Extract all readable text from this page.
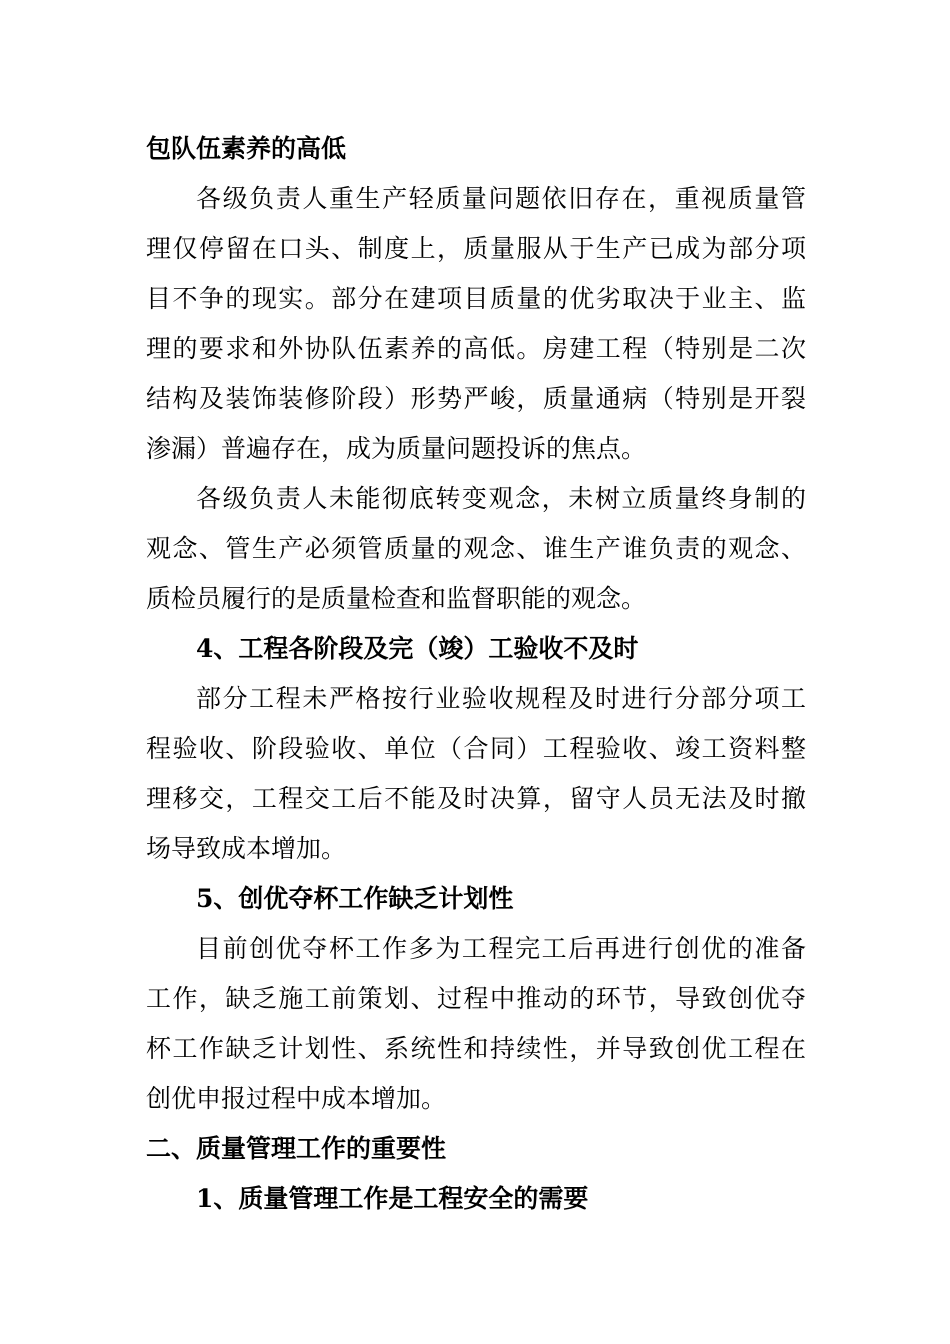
包队伍素养的高低
各级负责人重生产轻质量问题依旧存在，重视质量管
理仅停留在口头、制度上，质量服从于生产已成为部分项
目不争的现实。部分在建项目质量的优劣取决于业主、监
理的要求和外协队伍素养的高低。房建工程（特别是二次
结构及装饰装修阶段）形势严峻，质量通病（特别是开裂
渗漏）普遍存在，成为质量问题投诉的焦点。
各级负责人未能彻底转变观念，未树立质量终身制的
观念、管生产必须管质量的观念、谁生产谁负责的观念、
质检员履行的是质量检查和监督职能的观念。
4、工程各阶段及完（竣）工验收不及时
部分工程未严格按行业验收规程及时进行分部分项工
程验收、阶段验收、单位（合同）工程验收、竣工资料整
理移交，工程交工后不能及时决算，留守人员无法及时撤
场导致成本增加。
5、创优夺杯工作缺乏计划性
目前创优夺杯工作多为工程完工后再进行创优的准备
工作，缺乏施工前策划、过程中推动的环节，导致创优夺
杯工作缺乏计划性、系统性和持续性，并导致创优工程在
创优申报过程中成本增加。
二、质量管理工作的重要性
1、质量管理工作是工程安全的需要
